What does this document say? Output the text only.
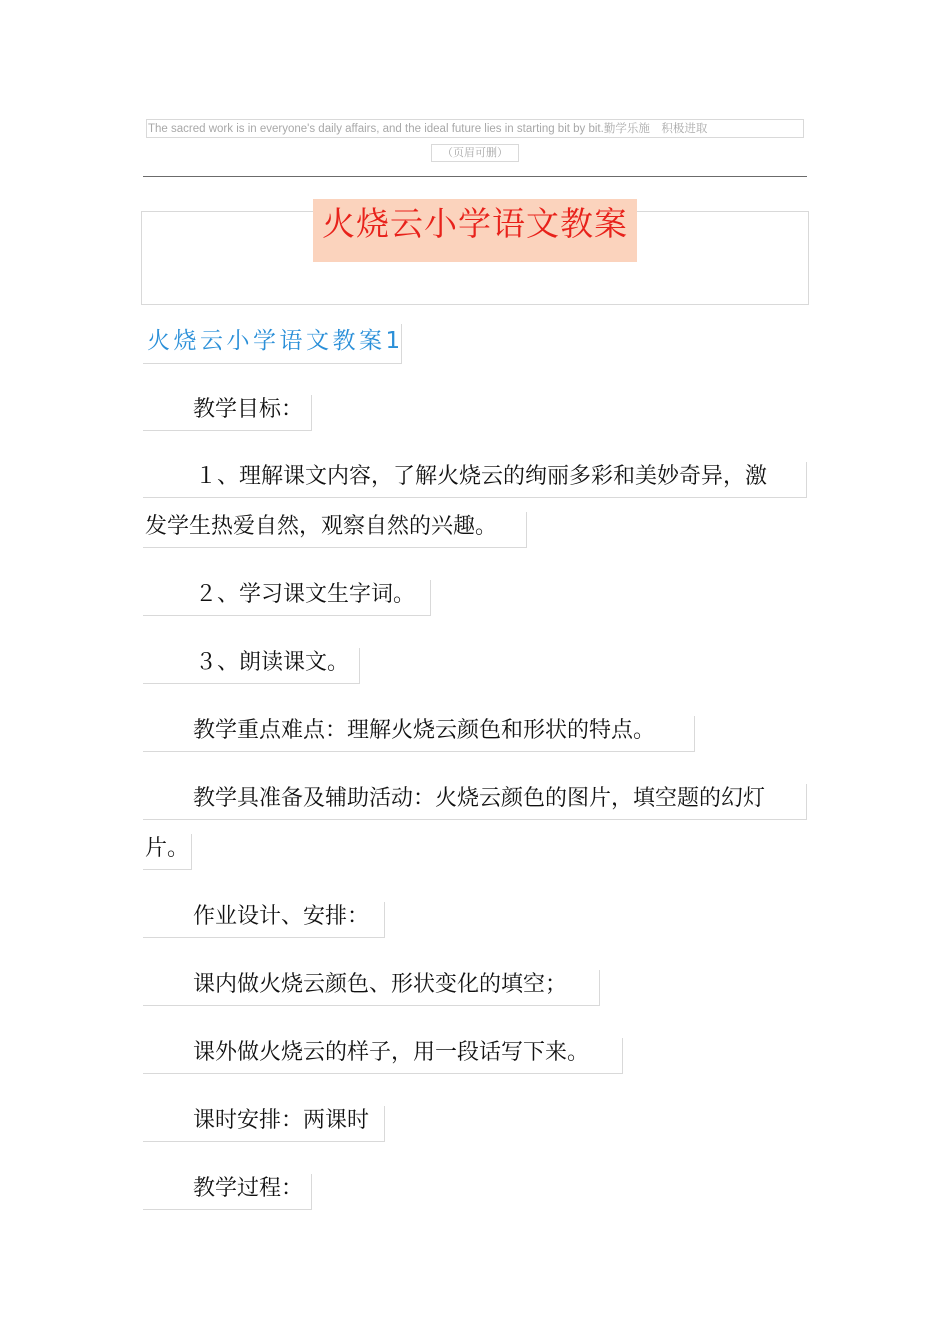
The sacred work is in everyone's daily affairs, and the ideal future lies in starting bit by bit.勤学乐施　积极进取
（页眉可删）
火烧云小学语文教案
火烧云小学语文教案1
教学目标：
１、理解课文内容，了解火烧云的绚丽多彩和美妙奇异，激
发学生热爱自然，观察自然的兴趣。
２、学习课文生字词。
３、朗读课文。
教学重点难点：理解火烧云颜色和形状的特点。
教学具准备及辅助活动：火烧云颜色的图片，填空题的幻灯
片。
作业设计、安排：
课内做火烧云颜色、形状变化的填空；
课外做火烧云的样子，用一段话写下来。
课时安排：两课时
教学过程：
